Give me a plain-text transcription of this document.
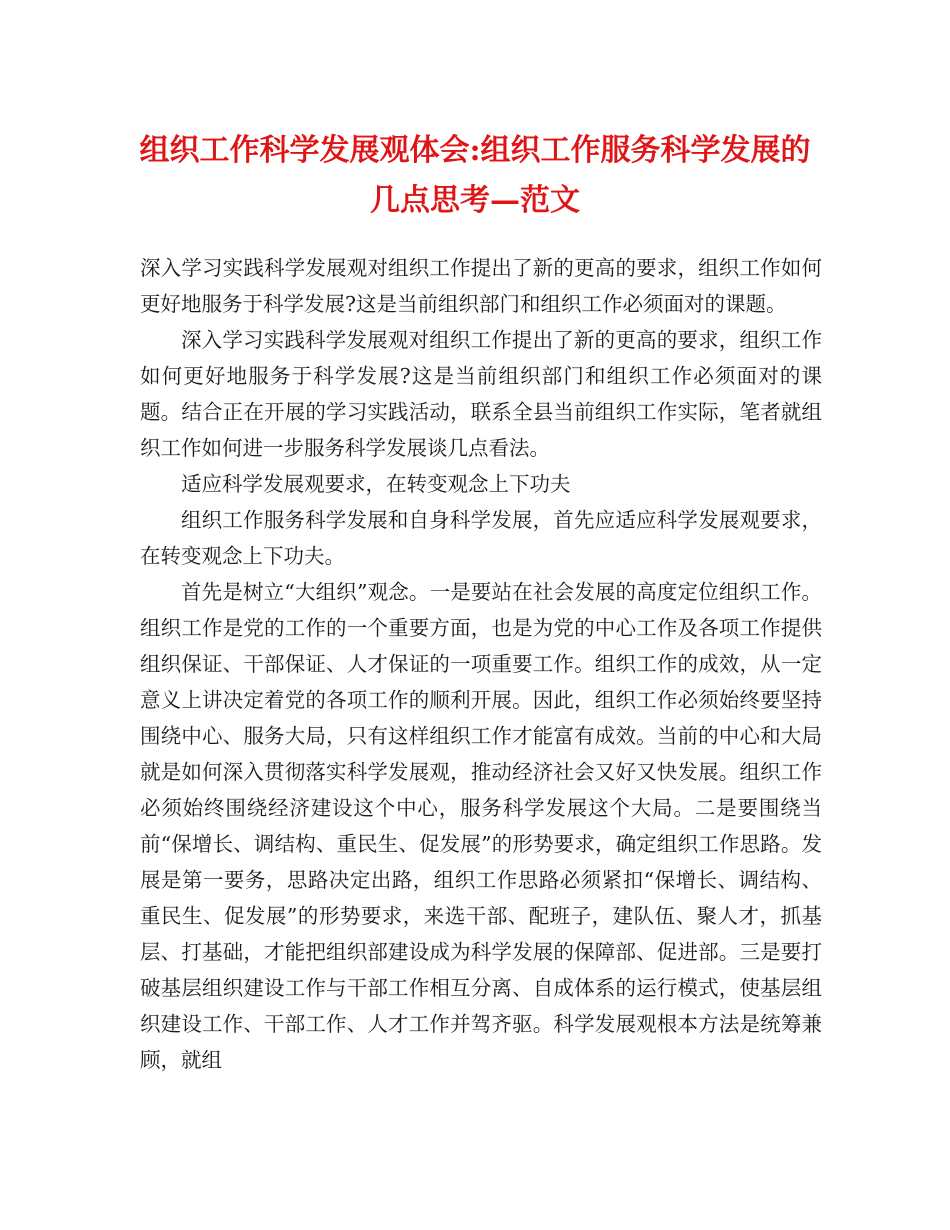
组织工作科学发展观体会:组织工作服务科学发展的几点思考—范文

深入学习实践科学发展观对组织工作提出了新的更高的要求，组织工作如何更好地服务于科学发展?这是当前组织部门和组织工作必须面对的课题。

深入学习实践科学发展观对组织工作提出了新的更高的要求，组织工作如何更好地服务于科学发展?这是当前组织部门和组织工作必须面对的课题。结合正在开展的学习实践活动，联系全县当前组织工作实际，笔者就组织工作如何进一步服务科学发展谈几点看法。

适应科学发展观要求，在转变观念上下功夫

组织工作服务科学发展和自身科学发展，首先应适应科学发展观要求，在转变观念上下功夫。

首先是树立“大组织”观念。一是要站在社会发展的高度定位组织工作。组织工作是党的工作的一个重要方面，也是为党的中心工作及各项工作提供组织保证、干部保证、人才保证的一项重要工作。组织工作的成效，从一定意义上讲决定着党的各项工作的顺利开展。因此，组织工作必须始终要坚持围绕中心、服务大局，只有这样组织工作才能富有成效。当前的中心和大局就是如何深入贯彻落实科学发展观，推动经济社会又好又快发展。组织工作必须始终围绕经济建设这个中心，服务科学发展这个大局。二是要围绕当前“保增长、调结构、重民生、促发展”的形势要求，确定组织工作思路。发展是第一要务，思路决定出路，组织工作思路必须紧扣“保增长、调结构、重民生、促发展”的形势要求，来选干部、配班子，建队伍、聚人才，抓基层、打基础，才能把组织部建设成为科学发展的保障部、促进部。三是要打破基层组织建设工作与干部工作相互分离、自成体系的运行模式，使基层组织建设工作、干部工作、人才工作并驾齐驱。科学发展观根本方法是统筹兼顾，就组
